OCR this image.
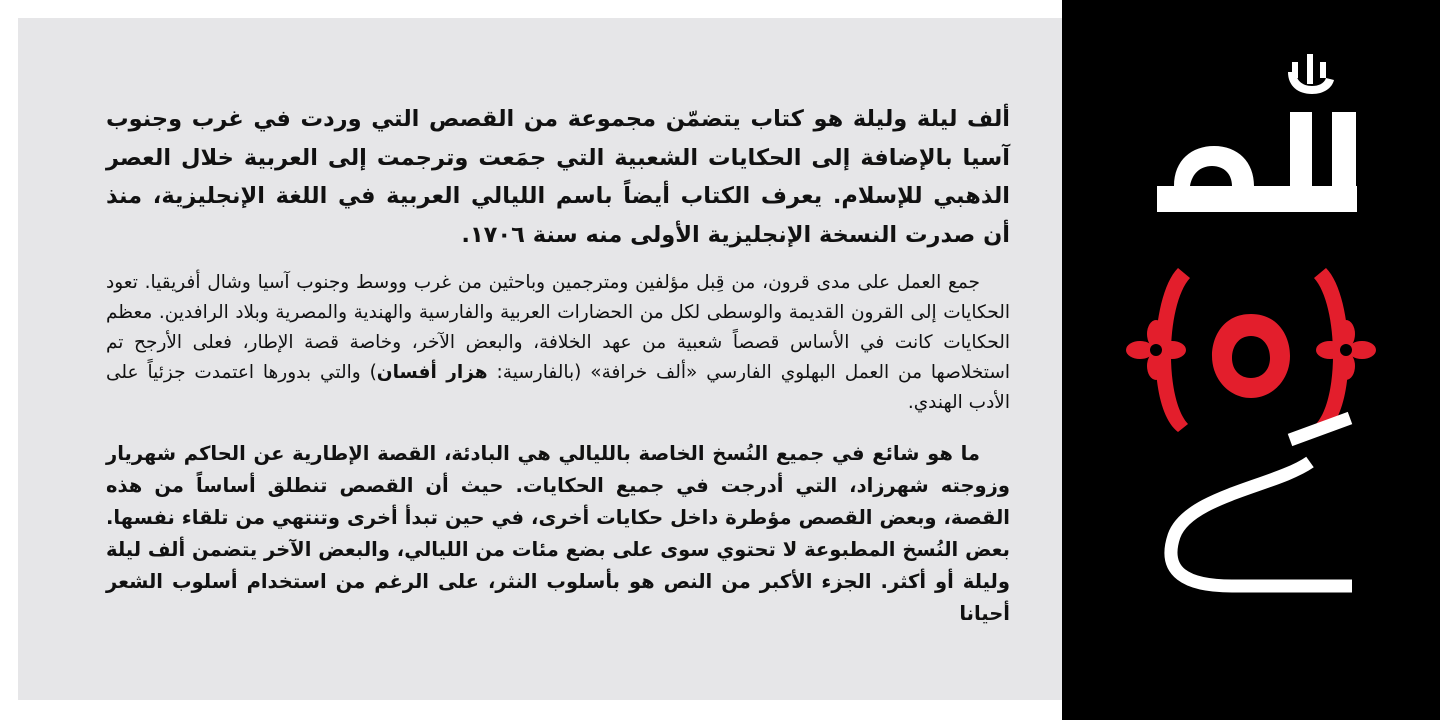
ألف ليلة وليلة هو كتاب يتضمّن مجموعة من القصص التي وردت في غرب وجنوب آسيا بالإضافة إلى الحكايات الشعبية التي جمَعت وترجمت إلى العربية خلال العصر الذهبي للإسلام. يعرف الكتاب أيضاً باسم الليالي العربية في اللغة الإنجليزية، منذ أن صدرت النسخة الإنجليزية الأولى منه سنة ١٧٠٦.

جمع العمل على مدى قرون، من قِبل مؤلفين ومترجمين وباحثين من غرب ووسط وجنوب آسيا وشال أفريقيا. تعود الحكايات إلى القرون القديمة والوسطى لكل من الحضارات العربية والفارسية والهندية والمصرية وبلاد الرافدين. معظم الحكايات كانت في الأساس قصصاً شعبية من عهد الخلافة، والبعض الآخر، وخاصة قصة الإطار، فعلى الأرجح تم استخلاصها من العمل البهلوي الفارسي «ألف خرافة» (بالفارسية: هزار أفسان) والتي بدورها اعتمدت جزئياً على الأدب الهندي.

ما هو شائع في جميع النُسخ الخاصة بالليالي هي البادئة، القصة الإطارية عن الحاكم شهريار وزوجته شهرزاد، التي أدرجت في جميع الحكايات. حيث أن القصص تنطلق أساساً من هذه القصة، وبعض القصص مؤطرة داخل حكايات أخرى، في حين تبدأ أخرى وتنتهي من تلقاء نفسها. بعض النُسخ المطبوعة لا تحتوي سوى على بضع مئات من الليالي، والبعض الآخر يتضمن ألف ليلة وليلة أو أكثر. الجزء الأكبر من النص هو بأسلوب النثر، على الرغم من استخدام أسلوب الشعر أحيانا
